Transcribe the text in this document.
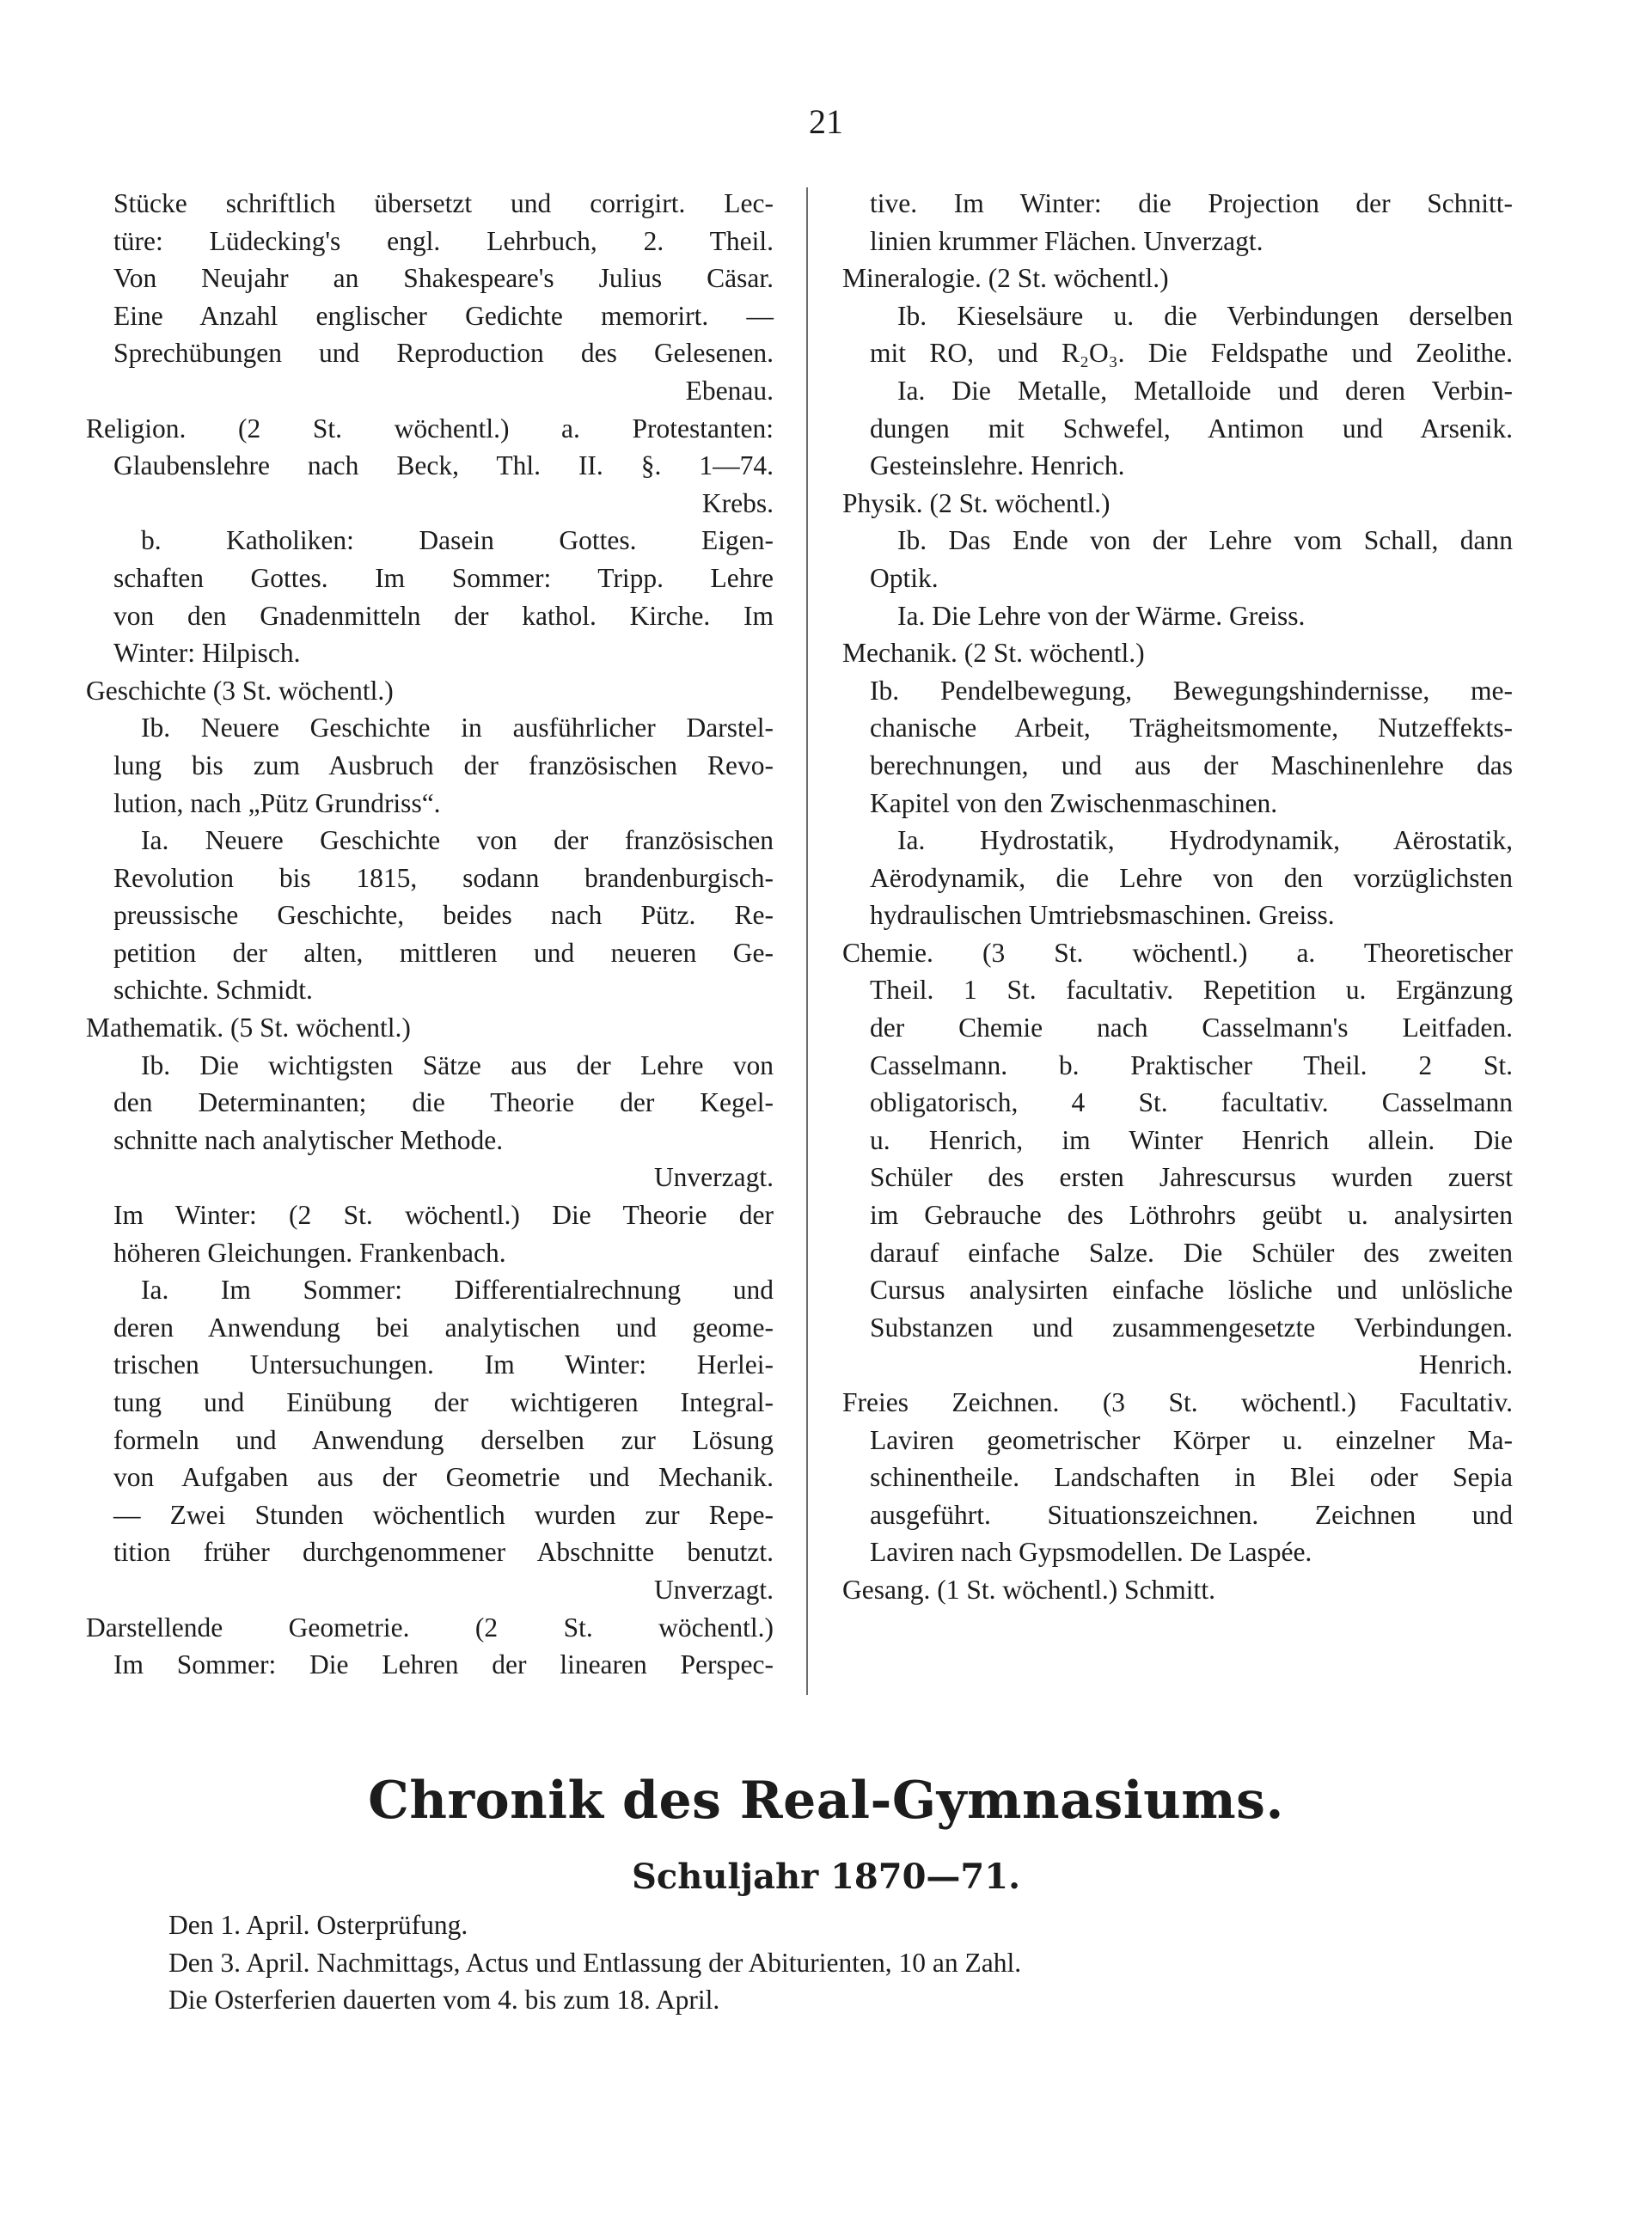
21
Stücke schriftlich übersetzt und corrigirt. Lec-
türe: Lüdecking's engl. Lehrbuch, 2. Theil.
Von Neujahr an Shakespeare's Julius Cäsar.
Eine Anzahl englischer Gedichte memorirt. —
Sprechübungen und Reproduction des Gelesenen.
Ebenau.
Religion. (2 St. wöchentl.) a. Protestanten:
Glaubenslehre nach Beck, Thl. II. §. 1—74.
Krebs.
b. Katholiken: Dasein Gottes. Eigen-
schaften Gottes. Im Sommer: Tripp. Lehre
von den Gnadenmitteln der kathol. Kirche. Im
Winter: Hilpisch.
Geschichte (3 St. wöchentl.)
Ib. Neuere Geschichte in ausführlicher Darstel-
lung bis zum Ausbruch der französischen Revo-
lution, nach „Pütz Grundriss“.
Ia. Neuere Geschichte von der französischen
Revolution bis 1815, sodann brandenburgisch-
preussische Geschichte, beides nach Pütz. Re-
petition der alten, mittleren und neueren Ge-
schichte. Schmidt.
Mathematik. (5 St. wöchentl.)
Ib. Die wichtigsten Sätze aus der Lehre von
den Determinanten; die Theorie der Kegel-
schnitte nach analytischer Methode.
Unverzagt.
Im Winter: (2 St. wöchentl.) Die Theorie der
höheren Gleichungen. Frankenbach.
Ia. Im Sommer: Differentialrechnung und
deren Anwendung bei analytischen und geome-
trischen Untersuchungen. Im Winter: Herlei-
tung und Einübung der wichtigeren Integral-
formeln und Anwendung derselben zur Lösung
von Aufgaben aus der Geometrie und Mechanik.
— Zwei Stunden wöchentlich wurden zur Repe-
tition früher durchgenommener Abschnitte benutzt.
Unverzagt.
Darstellende Geometrie. (2 St. wöchentl.)
Im Sommer: Die Lehren der linearen Perspec-
tive. Im Winter: die Projection der Schnitt-
linien krummer Flächen. Unverzagt.
Mineralogie. (2 St. wöchentl.)
Ib. Kieselsäure u. die Verbindungen derselben
mit RO, und R₂O₃. Die Feldspathe und Zeolithe.
Ia. Die Metalle, Metalloide und deren Verbin-
dungen mit Schwefel, Antimon und Arsenik.
Gesteinslehre. Henrich.
Physik. (2 St. wöchentl.)
Ib. Das Ende von der Lehre vom Schall, dann
Optik.
Ia. Die Lehre von der Wärme. Greiss.
Mechanik. (2 St. wöchentl.)
Ib. Pendelbewegung, Bewegungshindernisse, me-
chanische Arbeit, Trägheitsmomente, Nutzeffekts-
berechnungen, und aus der Maschinenlehre das
Kapitel von den Zwischenmaschinen.
Ia. Hydrostatik, Hydrodynamik, Aërostatik,
Aërodynamik, die Lehre von den vorzüglichsten
hydraulischen Umtriebsmaschinen. Greiss.
Chemie. (3 St. wöchentl.) a. Theoretischer
Theil. 1 St. facultativ. Repetition u. Ergänzung
der Chemie nach Casselmann's Leitfaden.
Casselmann. b. Praktischer Theil. 2 St.
obligatorisch, 4 St. facultativ. Casselmann
u. Henrich, im Winter Henrich allein. Die
Schüler des ersten Jahrescursus wurden zuerst
im Gebrauche des Löthrohrs geübt u. analysirten
darauf einfache Salze. Die Schüler des zweiten
Cursus analysirten einfache lösliche und unlösliche
Substanzen und zusammengesetzte Verbindungen.
Henrich.
Freies Zeichnen. (3 St. wöchentl.) Facultativ.
Laviren geometrischer Körper u. einzelner Ma-
schinentheile. Landschaften in Blei oder Sepia
ausgeführt. Situationszeichnen. Zeichnen und
Laviren nach Gypsmodellen. De Laspée.
Gesang. (1 St. wöchentl.) Schmitt.
Chronik des Real-Gymnasiums.
Schuljahr 1870—71.
Den 1. April. Osterprüfung.
Den 3. April. Nachmittags, Actus und Entlassung der Abiturienten, 10 an Zahl.
Die Osterferien dauerten vom 4. bis zum 18. April.
